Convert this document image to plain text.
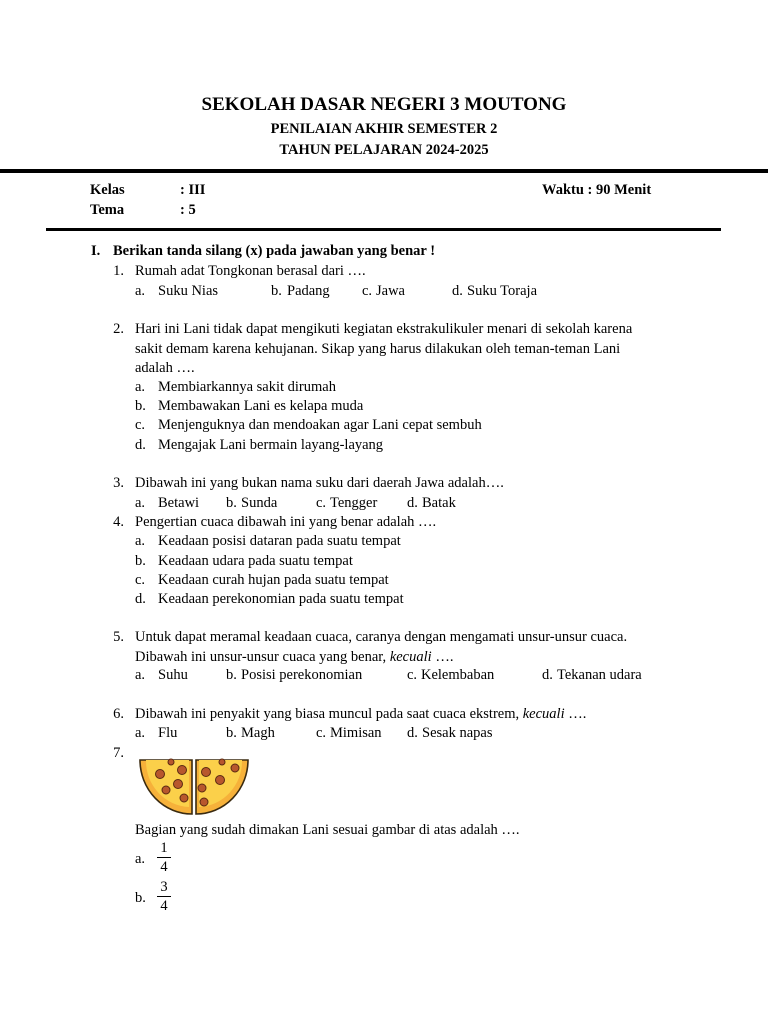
SEKOLAH DASAR NEGERI 3 MOUTONG
PENILAIAN AKHIR SEMESTER 2
TAHUN PELAJARAN 2024-2025
Kelas	: III	Waktu : 90 Menit
Tema	: 5
I. Berikan tanda silang (x) pada jawaban yang benar !
1. Rumah adat Tongkonan berasal dari ….
a. Suku Nias	b. Padang c. Jawa	d. Suku Toraja
2. Hari ini Lani tidak dapat mengikuti kegiatan ekstrakulikuler menari di sekolah karena
sakit demam karena kehujanan. Sikap yang harus dilakukan oleh teman-teman Lani
adalah ….
a. Membiarkannya sakit dirumah
b. Membawakan Lani es kelapa muda
c. Menjenguknya dan mendoakan agar Lani cepat sembuh
d. Mengajak Lani bermain layang-layang
3. Dibawah ini yang bukan nama suku dari daerah Jawa adalah….
a. Betawi b. Sunda	c. Tengger d. Batak
4. Pengertian cuaca dibawah ini yang benar adalah ….
a. Keadaan posisi dataran pada suatu tempat
b. Keadaan udara pada suatu tempat
c. Keadaan curah hujan pada suatu tempat
d. Keadaan perekonomian pada suatu tempat
5. Untuk dapat meramal keadaan cuaca, caranya dengan mengamati unsur-unsur cuaca.
Dibawah ini unsur-unsur cuaca yang benar, kecuali ….
a. Suhu	b. Posisi perekonomian	c. Kelembaban	d. Tekanan udara
6. Dibawah ini penyakit yang biasa muncul pada saat cuaca ekstrem, kecuali ….
a. Flu	b. Magh	c. Mimisan d. Sesak napas
7.
Bagian yang sudah dimakan Lani sesuai gambar di atas adalah ….
a.
1
4
b.
3
4
